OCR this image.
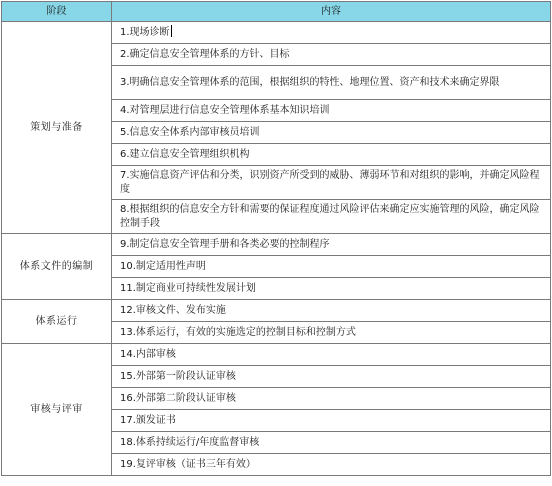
阶段	内容
策划与准备	1.现场诊断
	2.确定信息安全管理体系的方针、目标
	3.明确信息安全管理体系的范围，根据组织的特性、地理位置、资产和技术来确定界限
	4.对管理层进行信息安全管理体系基本知识培训
	5.信息安全体系内部审核员培训
	6.建立信息安全管理组织机构
	7.实施信息资产评估和分类，识别资产所受到的威胁、薄弱环节和对组织的影响，并确定风险程度
	8.根据组织的信息安全方针和需要的保证程度通过风险评估来确定应实施管理的风险，确定风险控制手段
体系文件的编制	9.制定信息安全管理手册和各类必要的控制程序
	10.制定适用性声明
	11.制定商业可持续性发展计划
体系运行	12.审核文件、发布实施
	13.体系运行，有效的实施选定的控制目标和控制方式
审核与评审	14.内部审核
	15.外部第一阶段认证审核
	16.外部第二阶段认证审核
	17.颁发证书
	18.体系持续运行/年度监督审核
	19.复评审核（证书三年有效）
